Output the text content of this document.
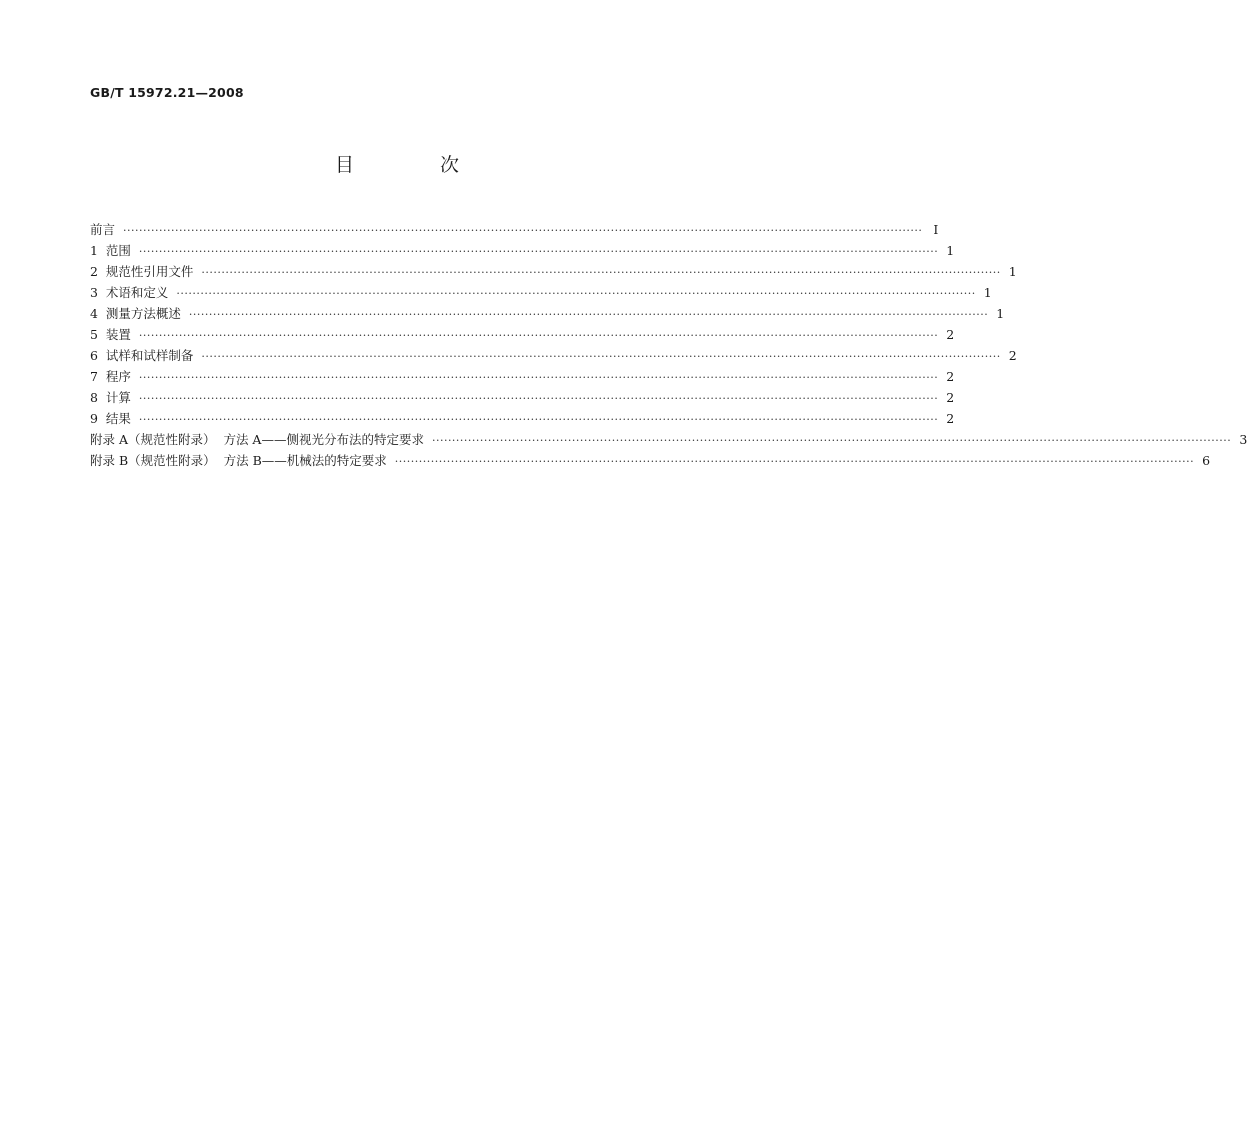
GB/T 15972.21—2008
目 次
前言 ········································································································································································································ I
1  范围 ········································································································································································································ 1
2  规范性引用文件 ········································································································································································································ 1
3  术语和定义 ········································································································································································································ 1
4  测量方法概述 ········································································································································································································ 1
5  装置 ········································································································································································································ 2
6  试样和试样制备 ········································································································································································································ 2
7  程序 ········································································································································································································ 2
8  计算 ········································································································································································································ 2
9  结果 ········································································································································································································ 2
附录 A（规范性附录）  方法 A——侧视光分布法的特定要求 ········································································································································································································ 3
附录 B（规范性附录）  方法 B——机械法的特定要求 ········································································································································································································ 6
